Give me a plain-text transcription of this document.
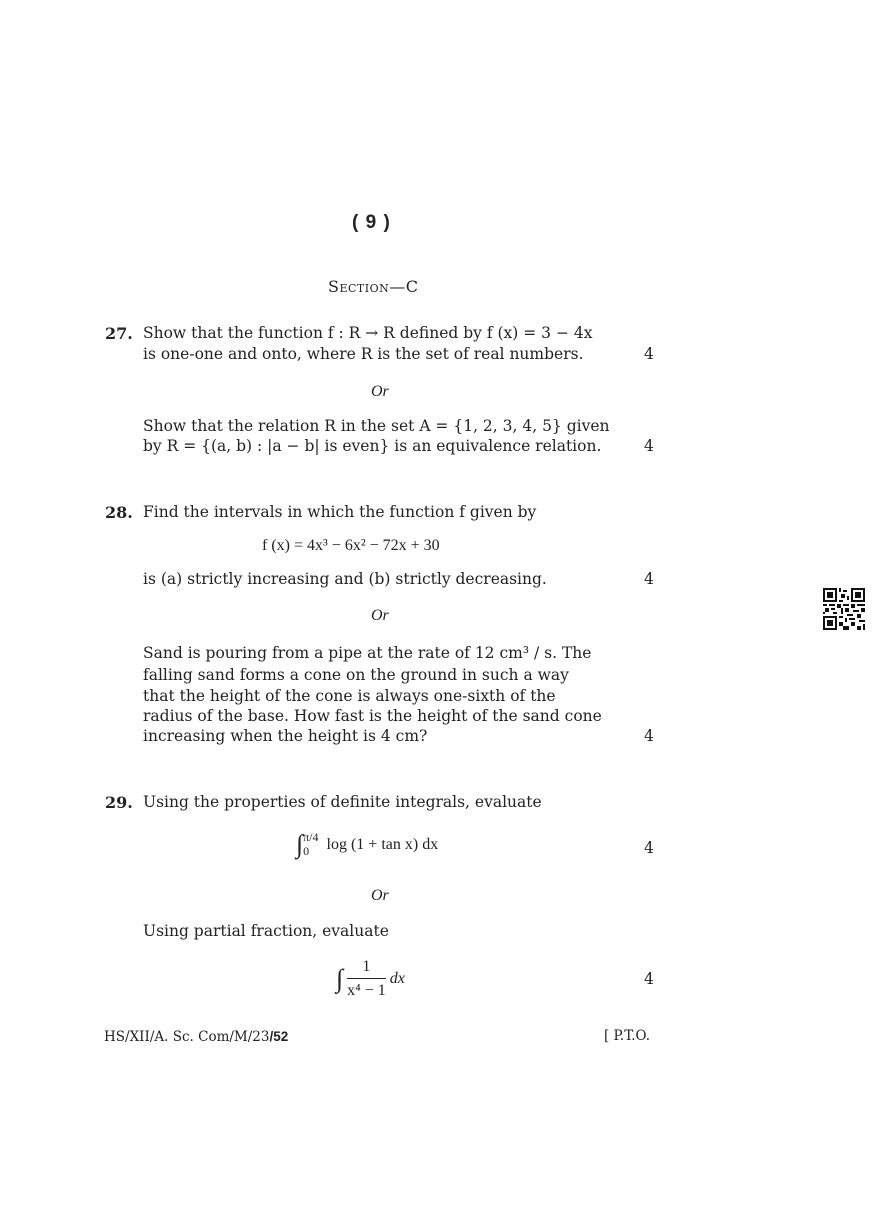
( 9 )
Section—C
27. Show that the function f : R → R defined by f (x) = 3 − 4x
is one-one and onto, where R is the set of real numbers.	4
Or
Show that the relation R in the set A = {1, 2, 3, 4, 5} given
by R = {(a, b) : |a − b| is even} is an equivalence relation.	4
28. Find the intervals in which the function f given by
f (x) = 4x³ − 6x² − 72x + 30
is (a) strictly increasing and (b) strictly decreasing.	4
Or
Sand is pouring from a pipe at the rate of 12 cm³ / s. The
falling sand forms a cone on the ground in such a way
that the height of the cone is always one-sixth of the
radius of the base. How fast is the height of the sand cone
increasing when the height is 4 cm?	4
29. Using the properties of definite integrals, evaluate
∫ π/4
0	log (1 + tan x) dx	4
Or
Using partial fraction, evaluate
∫ $\frac{1}{\text{x⁴ − 1}}$ dx	4
HS/XII/A. Sc. Com/M/23/52	[ P.T.O.
